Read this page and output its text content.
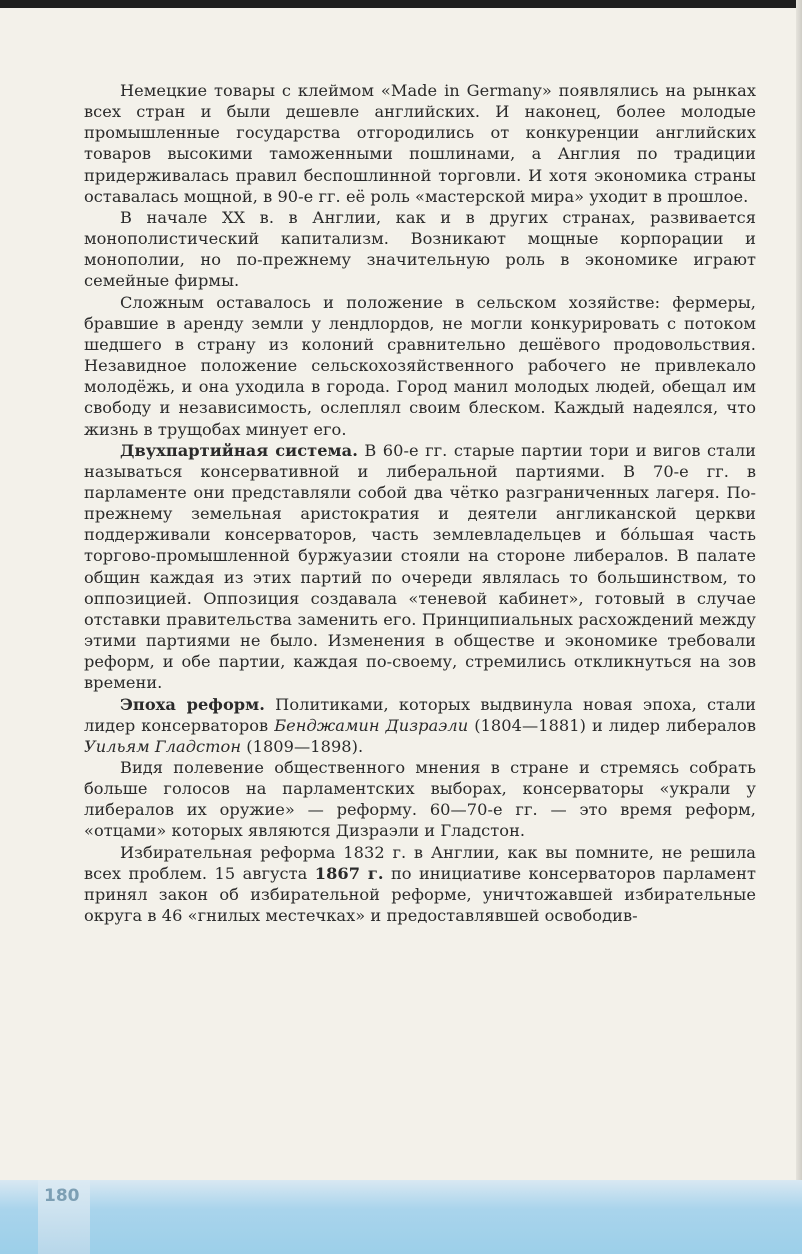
Немецкие товары с клеймом «Made in Germany» появлялись на рынках всех стран и были дешевле английских. И наконец, более молодые промышленные государства отгородились от конкуренции английских товаров высокими таможенными пошлинами, а Англия по традиции придерживалась правил беспошлинной торговли. И хотя экономика страны оставалась мощной, в 90-е гг. её роль «мастерской мира» уходит в прошлое.

В начале XX в. в Англии, как и в других странах, развивается монополистический капитализм. Возникают мощные корпорации и монополии, но по-прежнему значительную роль в экономике играют семейные фирмы.

Сложным оставалось и положение в сельском хозяйстве: фермеры, бравшие в аренду земли у лендлордов, не могли конкурировать с потоком шедшего в страну из колоний сравнительно дешёвого продовольствия. Незавидное положение сельскохозяйственного рабочего не привлекало молодёжь, и она уходила в города. Город манил молодых людей, обещал им свободу и независимость, ослеплял своим блеском. Каждый надеялся, что жизнь в трущобах минует его.

Двухпартийная система. В 60-е гг. старые партии тори и вигов стали называться консервативной и либеральной партиями. В 70-е гг. в парламенте они представляли собой два чётко разграниченных лагеря. По-прежнему земельная аристократия и деятели англиканской церкви поддерживали консерваторов, часть землевладельцев и бóльшая часть торгово-промышленной буржуазии стояли на стороне либералов. В палате общин каждая из этих партий по очереди являлась то большинством, то оппозицией. Оппозиция создавала «теневой кабинет», готовый в случае отставки правительства заменить его. Принципиальных расхождений между этими партиями не было. Изменения в обществе и экономике требовали реформ, и обе партии, каждая по-своему, стремились откликнуться на зов времени.

Эпоха реформ. Политиками, которых выдвинула новая эпоха, стали лидер консерваторов Бенджамин Дизраэли (1804—1881) и лидер либералов Уильям Гладстон (1809—1898).

Видя полевение общественного мнения в стране и стремясь собрать больше голосов на парламентских выборах, консерваторы «украли у либералов их оружие» — реформу. 60—70-е гг. — это время реформ, «отцами» которых являются Дизраэли и Гладстон.

Избирательная реформа 1832 г. в Англии, как вы помните, не решила всех проблем. 15 августа 1867 г. по инициативе консерваторов парламент принял закон об избирательной реформе, уничтожавшей избирательные округа в 46 «гнилых местечках» и предоставлявшей освободив-

180
